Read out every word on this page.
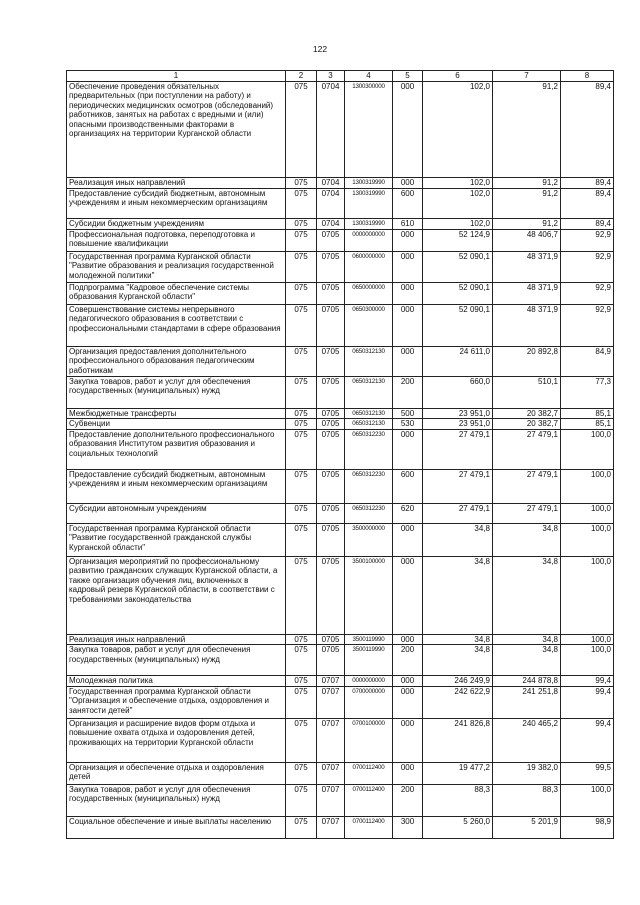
122
1	2	3	4	5	6	7	8

Обеспечение проведения обязательных предварительных (при поступлении на работу) и периодических медицинских осмотров (обследований) работников, занятых на работах с вредными и (или) опасными производственными факторами в организациях на территории Курганской области	075	0704	1300300000	000	102,0	91,2	89,4

Реализация иных направлений	075	0704	1300319990	000	102,0	91,2	89,4

Предоставление субсидий бюджетным, автономным учреждениям и иным некоммерческим организациям	075	0704	1300319990	600	102,0	91,2	89,4

Субсидии бюджетным учреждениям	075	0704	1300319990	610	102,0	91,2	89,4

Профессиональная подготовка, переподготовка и повышение квалификации	075	0705	0000000000	000	52 124,9	48 406,7	92,9

Государственная программа Курганской области "Развитие образования и реализация государственной молодежной политики"	075	0705	0600000000	000	52 090,1	48 371,9	92,9

Подпрограмма "Кадровое обеспечение системы образования Курганской области"	075	0705	0650000000	000	52 090,1	48 371,9	92,9

Совершенствование системы непрерывного педагогического образования в соответствии с профессиональными стандартами в сфере образования	075	0705	0650300000	000	52 090,1	48 371,9	92,9

Организация предоставления дополнительного профессионального образования педагогическим работникам	075	0705	0650312130	000	24 611,0	20 892,8	84,9

Закупка товаров, работ и услуг для обеспечения государственных (муниципальных) нужд	075	0705	0650312130	200	660,0	510,1	77,3

Межбюджетные трансферты	075	0705	0650312130	500	23 951,0	20 382,7	85,1

Субвенции	075	0705	0650312130	530	23 951,0	20 382,7	85,1

Предоставление дополнительного профессионального образования Институтом развития образования и социальных технологий	075	0705	0650312230	000	27 479,1	27 479,1	100,0

Предоставление субсидий бюджетным, автономным учреждениям и иным некоммерческим организациям	075	0705	0650312230	600	27 479,1	27 479,1	100,0

Субсидии автономным учреждениям	075	0705	0650312230	620	27 479,1	27 479,1	100,0

Государственная программа Курганской области "Развитие государственной гражданской службы Курганской области"	075	0705	3500000000	000	34,8	34,8	100,0

Организация мероприятий по профессиональному развитию гражданских служащих Курганской области, а также организация обучения лиц, включенных в кадровый резерв Курганской области, в соответствии с требованиями законодательства	075	0705	3500100000	000	34,8	34,8	100,0

Реализация иных направлений	075	0705	3500119990	000	34,8	34,8	100,0

Закупка товаров, работ и услуг для обеспечения государственных (муниципальных) нужд	075	0705	3500119990	200	34,8	34,8	100,0

Молодежная политика	075	0707	0000000000	000	246 249,9	244 878,8	99,4

Государственная программа Курганской области "Организация и обеспечение отдыха, оздоровления и занятости детей"	075	0707	0700000000	000	242 622,9	241 251,8	99,4

Организация и расширение видов форм отдыха и повышение охвата отдыха и оздоровления детей, проживающих на территории Курганской области	075	0707	0700100000	000	241 826,8	240 465,2	99,4

Организация и обеспечение отдыха и оздоровления детей	075	0707	0700112400	000	19 477,2	19 382,0	99,5

Закупка товаров, работ и услуг для обеспечения государственных (муниципальных) нужд	075	0707	0700112400	200	88,3	88,3	100,0

Социальное обеспечение и иные выплаты населению	075	0707	0700112400	300	5 260,0	5 201,9	98,9
